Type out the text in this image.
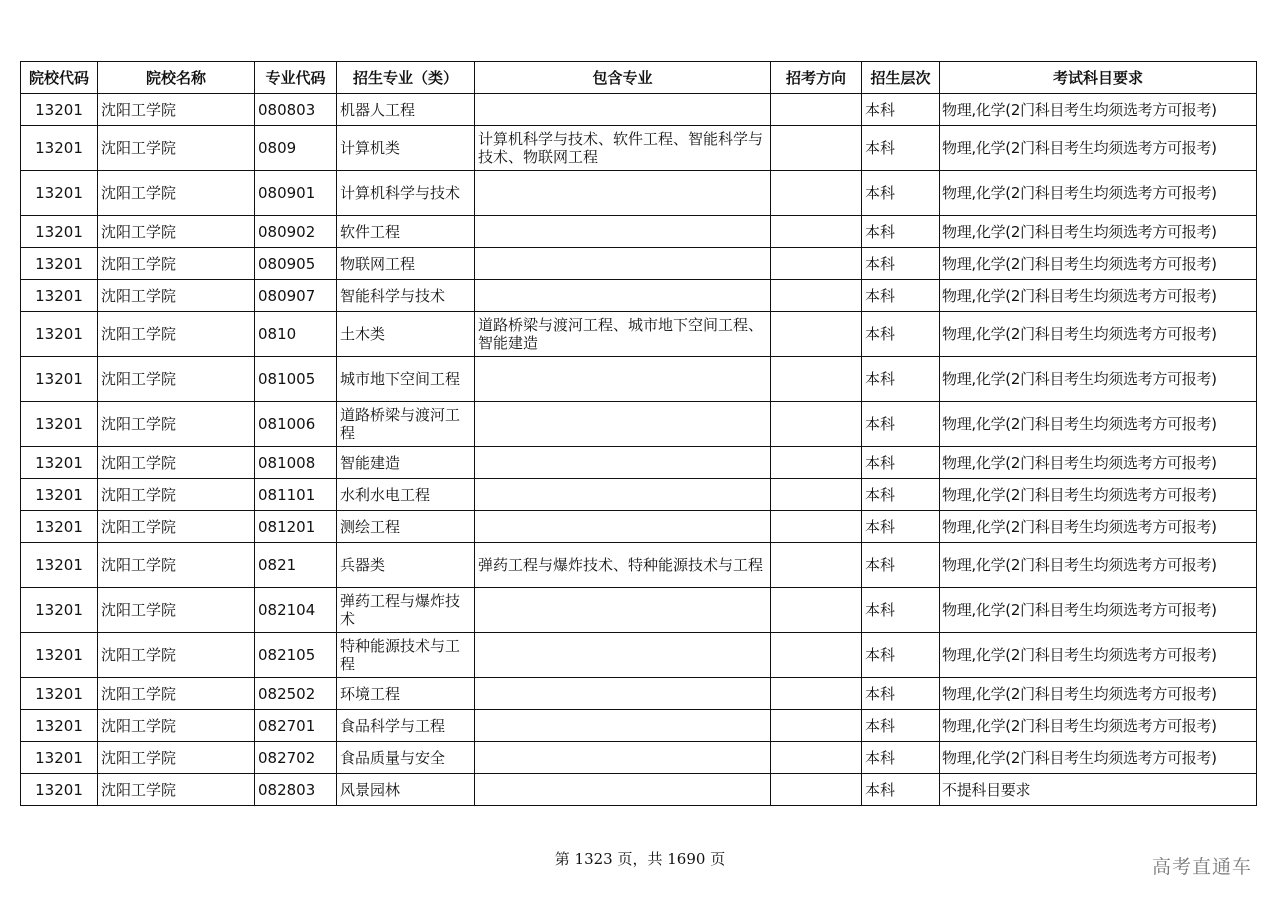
院校代码	院校名称	专业代码	招生专业（类）	包含专业	招考方向	招生层次	考试科目要求
13201	沈阳工学院	080803	机器人工程			本科	物理,化学(2门科目考生均须选考方可报考)
13201	沈阳工学院	0809	计算机类	计算机科学与技术、软件工程、智能科学与技术、物联网工程		本科	物理,化学(2门科目考生均须选考方可报考)
13201	沈阳工学院	080901	计算机科学与技术			本科	物理,化学(2门科目考生均须选考方可报考)
13201	沈阳工学院	080902	软件工程			本科	物理,化学(2门科目考生均须选考方可报考)
13201	沈阳工学院	080905	物联网工程			本科	物理,化学(2门科目考生均须选考方可报考)
13201	沈阳工学院	080907	智能科学与技术			本科	物理,化学(2门科目考生均须选考方可报考)
13201	沈阳工学院	0810	土木类	道路桥梁与渡河工程、城市地下空间工程、智能建造		本科	物理,化学(2门科目考生均须选考方可报考)
13201	沈阳工学院	081005	城市地下空间工程			本科	物理,化学(2门科目考生均须选考方可报考)
13201	沈阳工学院	081006	道路桥梁与渡河工程			本科	物理,化学(2门科目考生均须选考方可报考)
13201	沈阳工学院	081008	智能建造			本科	物理,化学(2门科目考生均须选考方可报考)
13201	沈阳工学院	081101	水利水电工程			本科	物理,化学(2门科目考生均须选考方可报考)
13201	沈阳工学院	081201	测绘工程			本科	物理,化学(2门科目考生均须选考方可报考)
13201	沈阳工学院	0821	兵器类	弹药工程与爆炸技术、特种能源技术与工程		本科	物理,化学(2门科目考生均须选考方可报考)
13201	沈阳工学院	082104	弹药工程与爆炸技术			本科	物理,化学(2门科目考生均须选考方可报考)
13201	沈阳工学院	082105	特种能源技术与工程			本科	物理,化学(2门科目考生均须选考方可报考)
13201	沈阳工学院	082502	环境工程			本科	物理,化学(2门科目考生均须选考方可报考)
13201	沈阳工学院	082701	食品科学与工程			本科	物理,化学(2门科目考生均须选考方可报考)
13201	沈阳工学院	082702	食品质量与安全			本科	物理,化学(2门科目考生均须选考方可报考)
13201	沈阳工学院	082803	风景园林			本科	不提科目要求
第 1323 页，共 1690 页	高考直通车
